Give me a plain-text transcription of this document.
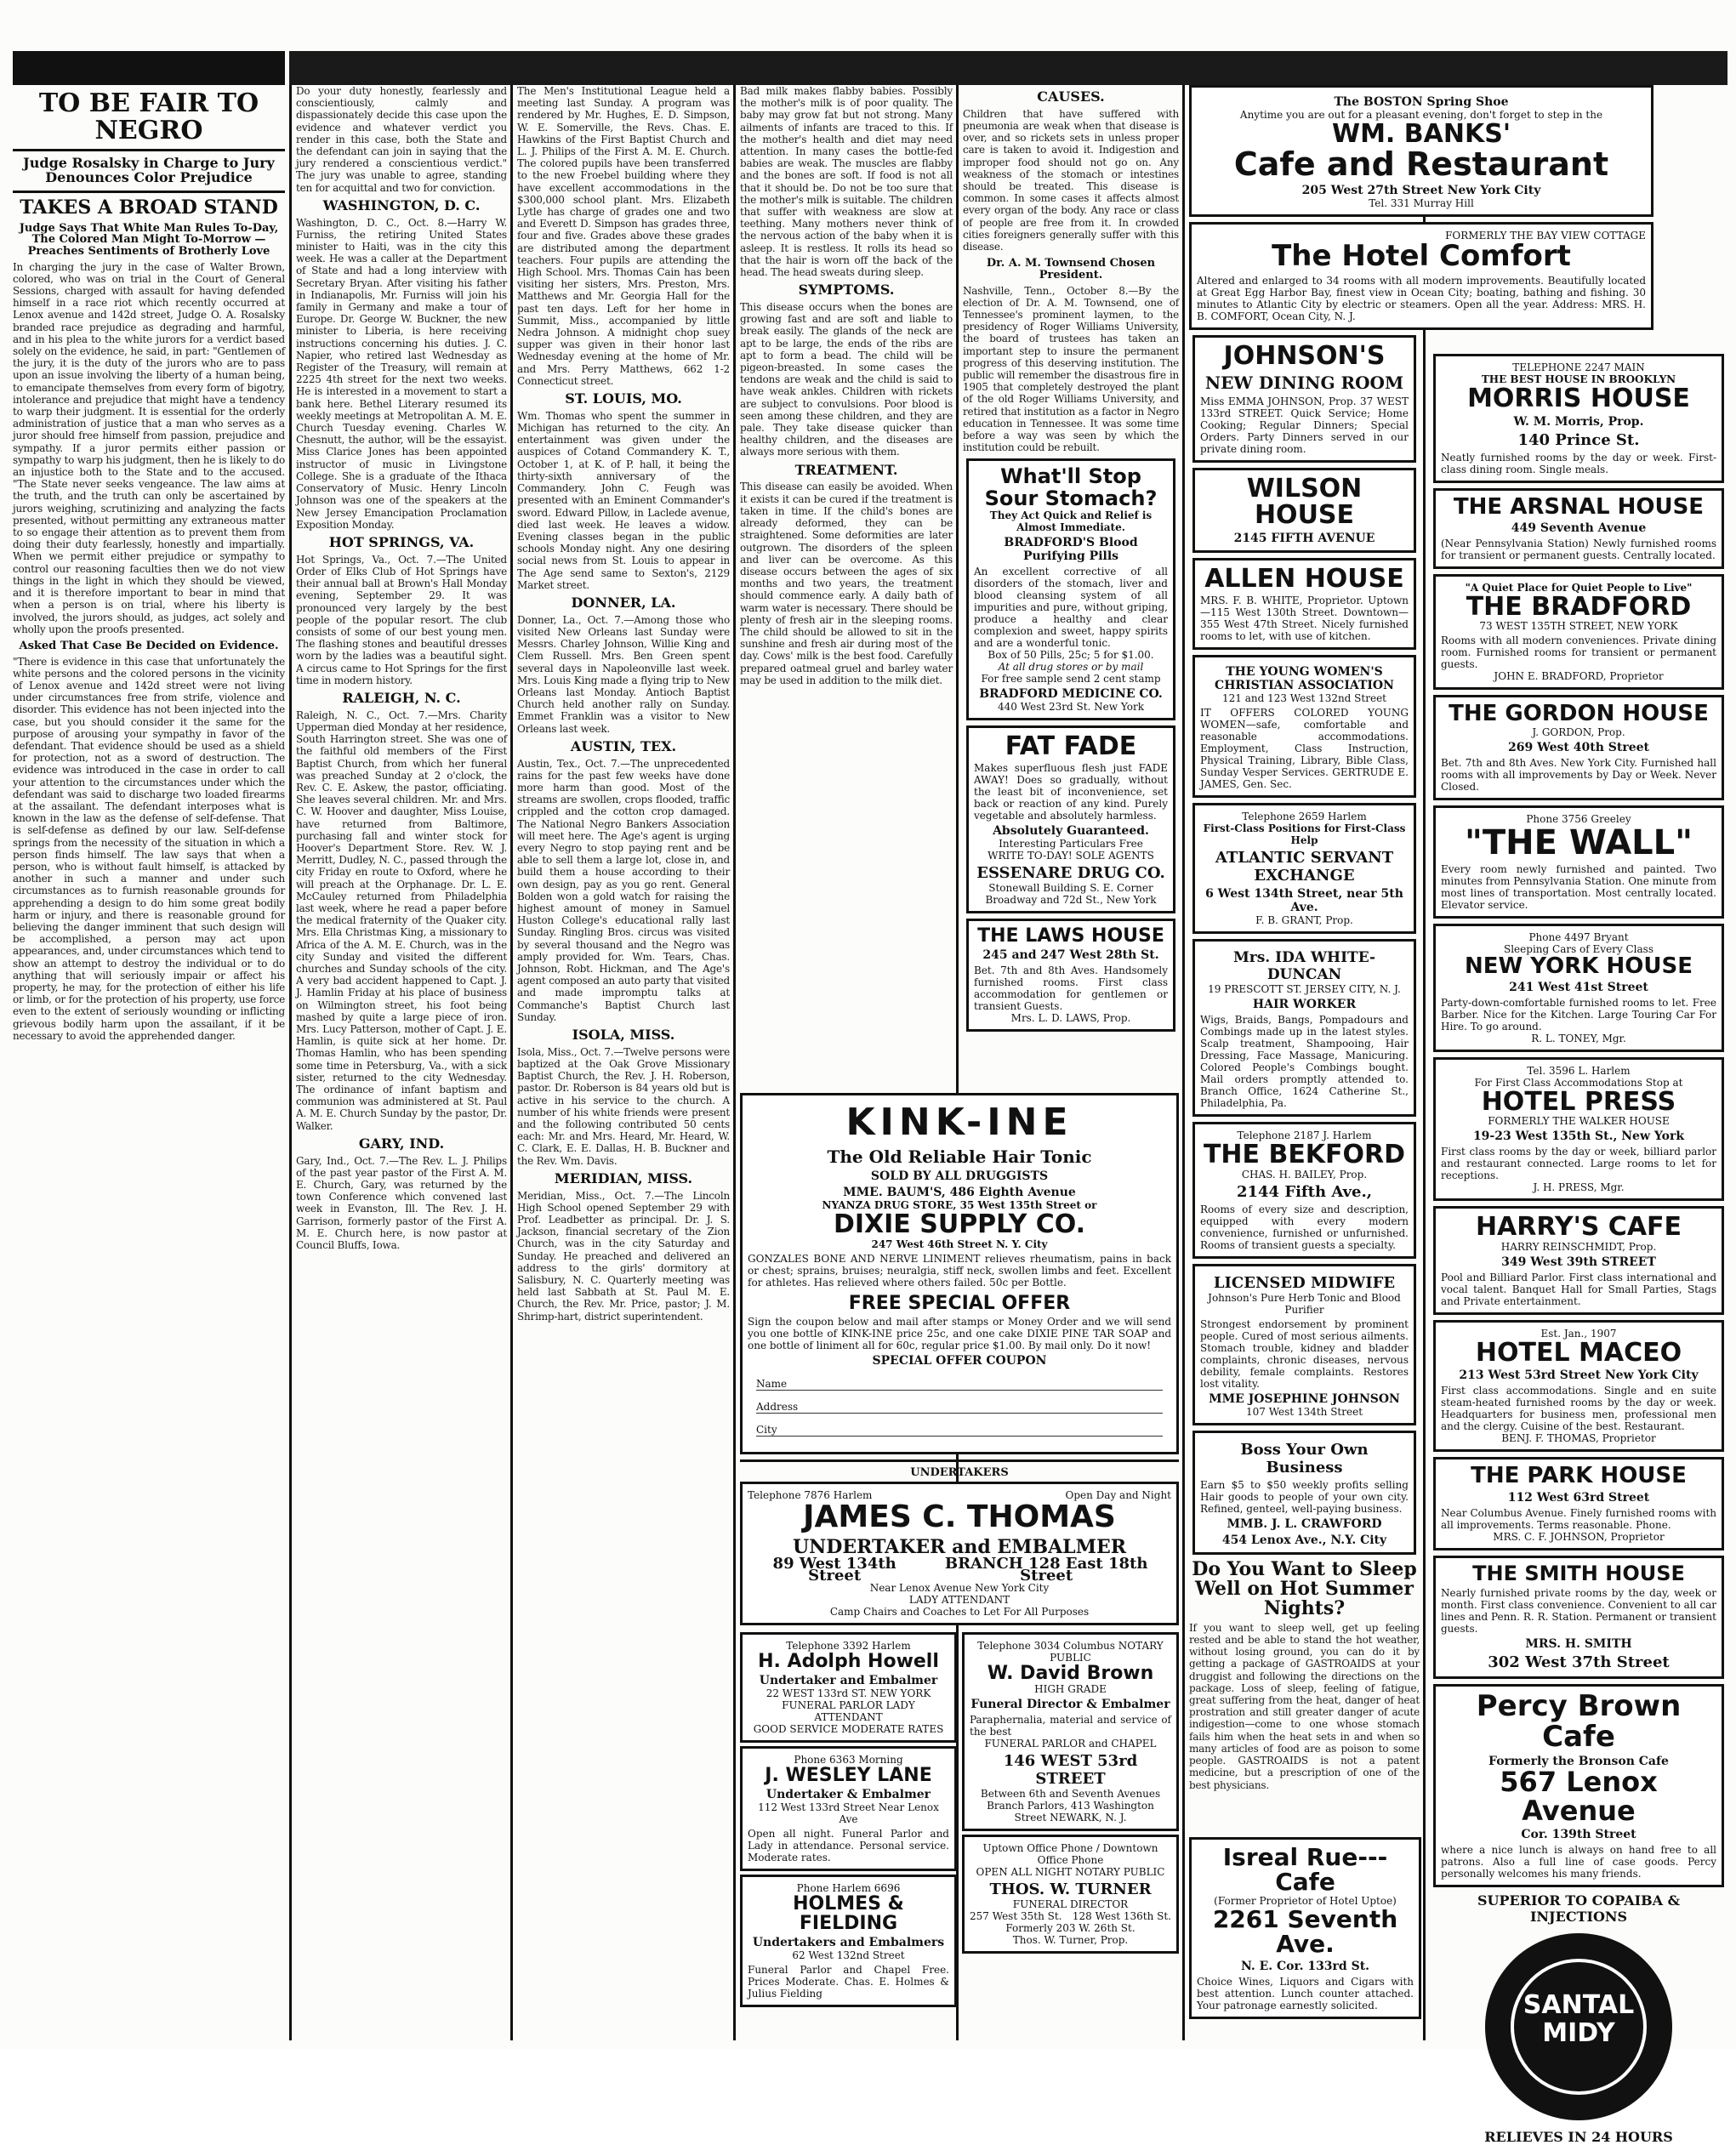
TO BE FAIR TO NEGRO
Judge Rosalsky in Charge to Jury Denounces Color Prejudice
TAKES A BROAD STAND
Judge Says That White Man Rules To-Day, The Colored Man Might To-Morrow — Preaches Sentiments of Brotherly Love
In charging the jury in the case of Walter Brown, colored, who was on trial in the Court of General Sessions, charged with assault for having defended himself in a race riot which recently occurred at Lenox avenue and 142d street, Judge O. A. Rosalsky branded race prejudice as degrading and harmful, and in his plea to the white jurors for a verdict based solely on the evidence, he said, in part: "Gentlemen of the jury, it is the duty of the jurors who are to pass upon an issue involving the liberty of a human being, to emancipate themselves from every form of bigotry, intolerance and prejudice that might have a tendency to warp their judgment. It is essential for the orderly administration of justice that a man who serves as a juror should free himself from passion, prejudice and sympathy. If a juror permits either passion or sympathy to warp his judgment, then he is likely to do an injustice both to the State and to the accused. "The State never seeks vengeance. The law aims at the truth, and the truth can only be ascertained by jurors weighing, scrutinizing and analyzing the facts presented, without permitting any extraneous matter to so engage their attention as to prevent them from doing their duty fearlessly, honestly and impartially. When we permit either prejudice or sympathy to control our reasoning faculties then we do not view things in the light in which they should be viewed, and it is therefore important to bear in mind that when a person is on trial, where his liberty is involved, the jurors should, as judges, act solely and wholly upon the proofs presented.
Asked That Case Be Decided on Evidence.
"There is evidence in this case that unfortunately the white persons and the colored persons in the vicinity of Lenox avenue and 142d street were not living under circumstances free from strife, violence and disorder. This evidence has not been injected into the case, but you should consider it the same for the purpose of arousing your sympathy in favor of the defendant. That evidence should be used as a shield for protection, not as a sword of destruction. The evidence was introduced in the case in order to call your attention to the circumstances under which the defendant was said to discharge two loaded firearms at the assailant. The defendant interposes what is known in the law as the defense of self-defense. That is self-defense as defined by our law. Self-defense springs from the necessity of the situation in which a person finds himself. The law says that when a person, who is without fault himself, is attacked by another in such a manner and under such circumstances as to furnish reasonable grounds for apprehending a design to do him some great bodily harm or injury, and there is reasonable ground for believing the danger imminent that such design will be accomplished, a person may act upon appearances, and, under circumstances which tend to show an attempt to destroy the individual or to do anything that will seriously impair or affect his property, he may, for the protection of either his life or limb, or for the protection of his property, use force even to the extent of seriously wounding or inflicting grievous bodily harm upon the assailant, if it be necessary to avoid the apprehended danger.
Do your duty honestly, fearlessly and conscientiously, calmly and dispassionately decide this case upon the evidence and whatever verdict you render in this case, both the State and the defendant can join in saying that the jury rendered a conscientious verdict." The jury was unable to agree, standing ten for acquittal and two for conviction.
WASHINGTON, D. C.
Washington, D. C., Oct. 8.—Harry W. Furniss, the retiring United States minister to Haiti, was in the city this week. He was a caller at the Department of State and had a long interview with Secretary Bryan. After visiting his father in Indianapolis, Mr. Furniss will join his family in Germany and make a tour of Europe. Dr. George W. Buckner, the new minister to Liberia, is here receiving instructions concerning his duties. J. C. Napier, who retired last Wednesday as Register of the Treasury, will remain at 2225 4th street for the next two weeks. He is interested in a movement to start a bank here. Bethel Literary resumed its weekly meetings at Metropolitan A. M. E. Church Tuesday evening. Charles W. Chesnutt, the author, will be the essayist. Miss Clarice Jones has been appointed instructor of music in Livingstone College. She is a graduate of the Ithaca Conservatory of Music. Henry Lincoln Johnson was one of the speakers at the New Jersey Emancipation Proclamation Exposition Monday.
HOT SPRINGS, VA.
Hot Springs, Va., Oct. 7.—The United Order of Elks Club of Hot Springs have their annual ball at Brown's Hall Monday evening, September 29. It was pronounced very largely by the best people of the popular resort. The club consists of some of our best young men. The flashing stones and beautiful dresses worn by the ladies was a beautiful sight. A circus came to Hot Springs for the first time in modern history.
RALEIGH, N. C.
Raleigh, N. C., Oct. 7.—Mrs. Charity Upperman died Monday at her residence, South Harrington street. She was one of the faithful old members of the First Baptist Church, from which her funeral was preached Sunday at 2 o'clock, the Rev. C. E. Askew, the pastor, officiating. She leaves several children. Mr. and Mrs. C. W. Hoover and daughter, Miss Louise, have returned from Baltimore, purchasing fall and winter stock for Hoover's Department Store. Rev. W. J. Merritt, Dudley, N. C., passed through the city Friday en route to Oxford, where he will preach at the Orphanage. Dr. L. E. McCauley returned from Philadelphia last week, where he read a paper before the medical fraternity of the Quaker city. Mrs. Ella Christmas King, a missionary to Africa of the A. M. E. Church, was in the city Sunday and visited the different churches and Sunday schools of the city. A very bad accident happened to Capt. J. J. Hamlin Friday at his place of business on Wilmington street, his foot being mashed by quite a large piece of iron. Mrs. Lucy Patterson, mother of Capt. J. E. Hamlin, is quite sick at her home. Dr. Thomas Hamlin, who has been spending some time in Petersburg, Va., with a sick sister, returned to the city Wednesday. The ordinance of infant baptism and communion was administered at St. Paul A. M. E. Church Sunday by the pastor, Dr. Walker.
GARY, IND.
Gary, Ind., Oct. 7.—The Rev. L. J. Philips of the past year pastor of the First A. M. E. Church, Gary, was returned by the town Conference which convened last week in Evanston, Ill. The Rev. J. H. Garrison, formerly pastor of the First A. M. E. Church here, is now pastor at Council Bluffs, Iowa.
The Men's Institutional League held a meeting last Sunday. A program was rendered by Mr. Hughes, E. D. Simpson, W. E. Somerville, the Revs. Chas. E. Hawkins of the First Baptist Church and L. J. Philips of the First A. M. E. Church. The colored pupils have been transferred to the new Froebel building where they have excellent accommodations in the $300,000 school plant. Mrs. Elizabeth Lytle has charge of grades one and two and Everett D. Simpson has grades three, four and five. Grades above these grades are distributed among the department teachers. Four pupils are attending the High School. Mrs. Thomas Cain has been visiting her sisters, Mrs. Preston, Mrs. Matthews and Mr. Georgia Hall for the past ten days. Left for her home in Summit, Miss., accompanied by little Nedra Johnson. A midnight chop suey supper was given in their honor last Wednesday evening at the home of Mr. and Mrs. Perry Matthews, 662 1-2 Connecticut street.
ST. LOUIS, MO.
Wm. Thomas who spent the summer in Michigan has returned to the city. An entertainment was given under the auspices of Cotand Commandery K. T., October 1, at K. of P. hall, it being the thirty-sixth anniversary of the Commandery. John C. Feugh was presented with an Eminent Commander's sword. Edward Pillow, in Laclede avenue, died last week. He leaves a widow. Evening classes began in the public schools Monday night. Any one desiring social news from St. Louis to appear in The Age send same to Sexton's, 2129 Market street.
DONNER, LA.
Donner, La., Oct. 7.—Among those who visited New Orleans last Sunday were Messrs. Charley Johnson, Willie King and Clem Russell. Mrs. Ben Green spent several days in Napoleonville last week. Mrs. Louis King made a flying trip to New Orleans last Monday. Antioch Baptist Church held another rally on Sunday. Emmet Franklin was a visitor to New Orleans last week.
AUSTIN, TEX.
Austin, Tex., Oct. 7.—The unprecedented rains for the past few weeks have done more harm than good. Most of the streams are swollen, crops flooded, traffic crippled and the cotton crop damaged. The National Negro Bankers Association will meet here. The Age's agent is urging every Negro to stop paying rent and be able to sell them a large lot, close in, and build them a house according to their own design, pay as you go rent. General Bolden won a gold watch for raising the highest amount of money in Samuel Huston College's educational rally last Sunday. Ringling Bros. circus was visited by several thousand and the Negro was amply provided for. Wm. Tears, Chas. Johnson, Robt. Hickman, and The Age's agent composed an auto party that visited and made impromptu talks at Commanche's Baptist Church last Sunday.
ISOLA, MISS.
Isola, Miss., Oct. 7.—Twelve persons were baptized at the Oak Grove Missionary Baptist Church, the Rev. J. H. Roberson, pastor. Dr. Roberson is 84 years old but is active in his service to the church. A number of his white friends were present and the following contributed 50 cents each: Mr. and Mrs. Heard, Mr. Heard, W. C. Clark, E. E. Dallas, H. B. Buckner and the Rev. Wm. Davis.
MERIDIAN, MISS.
Meridian, Miss., Oct. 7.—The Lincoln High School opened September 29 with Prof. Leadbetter as principal. Dr. J. S. Jackson, financial secretary of the Zion Church, was in the city Saturday and Sunday. He preached and delivered an address to the girls' dormitory at Salisbury, N. C. Quarterly meeting was held last Sabbath at St. Paul M. E. Church, the Rev. Mr. Price, pastor; J. M. Shrimp-hart, district superintendent.
Bad milk makes flabby babies. Possibly the mother's milk is of poor quality. The baby may grow fat but not strong. Many ailments of infants are traced to this. If the mother's health and diet may need attention. In many cases the bottle-fed babies are weak. The muscles are flabby and the bones are soft. If food is not all that it should be. Do not be too sure that the mother's milk is suitable. The children that suffer with weakness are slow at teething. Many mothers never think of the nervous action of the baby when it is asleep. It is restless. It rolls its head so that the hair is worn off the back of the head. The head sweats during sleep.
SYMPTOMS.
This disease occurs when the bones are growing fast and are soft and liable to break easily. The glands of the neck are apt to be large, the ends of the ribs are apt to form a bead. The child will be pigeon-breasted. In some cases the tendons are weak and the child is said to have weak ankles. Children with rickets are subject to convulsions. Poor blood is seen among these children, and they are pale. They take disease quicker than healthy children, and the diseases are always more serious with them.
TREATMENT.
This disease can easily be avoided. When it exists it can be cured if the treatment is taken in time. If the child's bones are already deformed, they can be straightened. Some deformities are later outgrown. The disorders of the spleen and liver can be overcome. As this disease occurs between the ages of six months and two years, the treatment should commence early. A daily bath of warm water is necessary. There should be plenty of fresh air in the sleeping rooms. The child should be allowed to sit in the sunshine and fresh air during most of the day. Cows' milk is the best food. Carefully prepared oatmeal gruel and barley water may be used in addition to the milk diet.
CAUSES.
Children that have suffered with pneumonia are weak when that disease is over, and so rickets sets in unless proper care is taken to avoid it. Indigestion and improper food should not go on. Any weakness of the stomach or intestines should be treated. This disease is common. In some cases it affects almost every organ of the body. Any race or class of people are free from it. In crowded cities foreigners generally suffer with this disease.
Dr. A. M. Townsend Chosen President.
Nashville, Tenn., October 8.—By the election of Dr. A. M. Townsend, one of Tennessee's prominent laymen, to the presidency of Roger Williams University, the board of trustees has taken an important step to insure the permanent progress of this deserving institution. The public will remember the disastrous fire in 1905 that completely destroyed the plant of the old Roger Williams University, and retired that institution as a factor in Negro education in Tennessee. It was some time before a way was seen by which the institution could be rebuilt.
What'll Stop Sour Stomach?
They Act Quick and Relief is Almost Immediate.
BRADFORD'S Blood Purifying Pills
An excellent corrective of all disorders of the stomach, liver and blood cleansing system of all impurities and pure, without griping, produce a healthy and clear complexion and sweet, happy spirits and are a wonderful tonic.
Box of 50 Pills, 25c; 5 for $1.00.
At all drug stores or by mail
For free sample send 2 cent stamp
BRADFORD MEDICINE CO.
440 West 23rd St. New York
FAT FADE
Makes superfluous flesh just FADE AWAY! Does so gradually, without the least bit of inconvenience, set back or reaction of any kind. Purely vegetable and absolutely harmless.
Absolutely Guaranteed.
Interesting Particulars Free
WRITE TO-DAY! SOLE AGENTS
ESSENARE DRUG CO.
Stonewall Building S. E. Corner Broadway and 72d St., New York
THE LAWS HOUSE
245 and 247 West 28th St.
Bet. 7th and 8th Aves. Handsomely furnished rooms. First class accommodation for gentlemen or transient Guests.
Mrs. L. D. LAWS, Prop.
KINK-INE
The Old Reliable Hair Tonic
SOLD BY ALL DRUGGISTS
MME. BAUM'S, 486 Eighth Avenue
NYANZA DRUG STORE, 35 West 135th Street or
DIXIE SUPPLY CO.
247 West 46th Street N. Y. City
GONZALES BONE AND NERVE LINIMENT relieves rheumatism, pains in back or chest; sprains, bruises; neuralgia, stiff neck, swollen limbs and feet. Excellent for athletes. Has relieved where others failed. 50c per Bottle.
FREE SPECIAL OFFER
Sign the coupon below and mail after stamps or Money Order and we will send you one bottle of KINK-INE price 25c, and one cake DIXIE PINE TAR SOAP and one bottle of liniment all for 60c, regular price $1.00. By mail only. Do it now!
SPECIAL OFFER COUPON
Name
Address
City
UNDERTAKERS
Telephone 7876 Harlem	Open Day and Night
JAMES C. THOMAS
UNDERTAKER and EMBALMER
89 West 134th Street
BRANCH 128 East 18th Street
Near Lenox Avenue New York City
LADY ATTENDANT
Camp Chairs and Coaches to Let For All Purposes
Telephone 3392 Harlem
H. Adolph Howell
Undertaker and Embalmer
22 WEST 133rd ST. NEW YORK
FUNERAL PARLOR LADY ATTENDANT
GOOD SERVICE MODERATE RATES
Phone 6363 Morning
J. WESLEY LANE
Undertaker & Embalmer
112 West 133rd Street Near Lenox Ave
Open all night. Funeral Parlor and Lady in attendance. Personal service. Moderate rates.
Phone Harlem 6696
HOLMES & FIELDING
Undertakers and Embalmers
62 West 132nd Street
Funeral Parlor and Chapel Free. Prices Moderate. Chas. E. Holmes & Julius Fielding
Telephone 3034 Columbus NOTARY PUBLIC
W. David Brown
HIGH GRADE
Funeral Director & Embalmer
Paraphernalia, material and service of the best
FUNERAL PARLOR and CHAPEL
146 WEST 53rd STREET
Between 6th and Seventh Avenues
Branch Parlors, 413 Washington Street NEWARK, N. J.
Uptown Office Phone / Downtown Office Phone
OPEN ALL NIGHT NOTARY PUBLIC
THOS. W. TURNER
FUNERAL DIRECTOR
257 West 35th St. 128 West 136th St.
Formerly 203 W. 26th St.
Thos. W. Turner, Prop.
The BOSTON Spring Shoe
Anytime you are out for a pleasant evening, don't forget to step in the
WM. BANKS'
Cafe and Restaurant
205 West 27th Street New York City
Tel. 331 Murray Hill
FORMERLY THE BAY VIEW COTTAGE
The Hotel Comfort
Altered and enlarged to 34 rooms with all modern improvements. Beautifully located at Great Egg Harbor Bay, finest view in Ocean City; boating, bathing and fishing. 30 minutes to Atlantic City by electric or steamers. Open all the year. Address: MRS. H. B. COMFORT, Ocean City, N. J.
JOHNSON'S
NEW DINING ROOM
Miss EMMA JOHNSON, Prop. 37 WEST 133rd STREET. Quick Service; Home Cooking; Regular Dinners; Special Orders. Party Dinners served in our private dining room.
WILSON HOUSE
2145 FIFTH AVENUE
ALLEN HOUSE
MRS. F. B. WHITE, Proprietor. Uptown—115 West 130th Street. Downtown—355 West 47th Street. Nicely furnished rooms to let, with use of kitchen.
THE YOUNG WOMEN'S CHRISTIAN ASSOCIATION
121 and 123 West 132nd Street
IT OFFERS COLORED YOUNG WOMEN—safe, comfortable and reasonable accommodations. Employment, Class Instruction, Physical Training, Library, Bible Class, Sunday Vesper Services. GERTRUDE E. JAMES, Gen. Sec.
Telephone 2659 Harlem
First-Class Positions for First-Class Help
ATLANTIC SERVANT EXCHANGE
6 West 134th Street, near 5th Ave.
F. B. GRANT, Prop.
Mrs. IDA WHITE-DUNCAN
19 PRESCOTT ST. JERSEY CITY, N. J.
HAIR WORKER
Wigs, Braids, Bangs, Pompadours and Combings made up in the latest styles. Scalp treatment, Shampooing, Hair Dressing, Face Massage, Manicuring. Colored People's Combings bought. Mail orders promptly attended to. Branch Office, 1624 Catherine St., Philadelphia, Pa.
Telephone 2187 J. Harlem
THE BEKFORD
CHAS. H. BAILEY, Prop.
2144 Fifth Ave.,
Rooms of every size and description, equipped with every modern convenience, furnished or unfurnished. Rooms of transient guests a specialty.
LICENSED MIDWIFE
Johnson's Pure Herb Tonic and Blood Purifier
Strongest endorsement by prominent people. Cured of most serious ailments. Stomach trouble, kidney and bladder complaints, chronic diseases, nervous debility, female complaints. Restores lost vitality.
MME JOSEPHINE JOHNSON
107 West 134th Street
Boss Your Own Business
Earn $5 to $50 weekly profits selling Hair goods to people of your own city. Refined, genteel, well-paying business.
MMB. J. L. CRAWFORD
454 Lenox Ave., N.Y. City
Do You Want to Sleep Well on Hot Summer Nights?
If you want to sleep well, get up feeling rested and be able to stand the hot weather, without losing ground, you can do it by getting a package of GASTROAIDS at your druggist and following the directions on the package. Loss of sleep, feeling of fatigue, great suffering from the heat, danger of heat prostration and still greater danger of acute indigestion—come to one whose stomach fails him when the heat sets in and when so many articles of food are as poison to some people. GASTROAIDS is not a patent medicine, but a prescription of one of the best physicians.
TELEPHONE 2247 MAIN
THE BEST HOUSE IN BROOKLYN
MORRIS HOUSE
W. M. Morris, Prop.
140 Prince St.
Neatly furnished rooms by the day or week. First-class dining room. Single meals.
THE ARSNAL HOUSE
449 Seventh Avenue
(Near Pennsylvania Station) Newly furnished rooms for transient or permanent guests. Centrally located.
"A Quiet Place for Quiet People to Live"
THE BRADFORD
73 WEST 135TH STREET, NEW YORK
Rooms with all modern conveniences. Private dining room. Furnished rooms for transient or permanent guests.
JOHN E. BRADFORD, Proprietor
THE GORDON HOUSE
J. GORDON, Prop.
269 West 40th Street
Bet. 7th and 8th Aves. New York City. Furnished hall rooms with all improvements by Day or Week. Never Closed.
Phone 3756 Greeley
"THE WALL"
Every room newly furnished and painted. Two minutes from Pennsylvania Station. One minute from most lines of transportation. Most centrally located. Elevator service.
Phone 4497 Bryant
Sleeping Cars of Every Class
NEW YORK HOUSE
241 West 41st Street
Party-down-comfortable furnished rooms to let. Free Barber. Nice for the Kitchen. Large Touring Car For Hire. To go around.
R. L. TONEY, Mgr.
Tel. 3596 L. Harlem
For First Class Accommodations Stop at
HOTEL PRESS
FORMERLY THE WALKER HOUSE
19-23 West 135th St., New York
First class rooms by the day or week, billiard parlor and restaurant connected. Large rooms to let for receptions.
J. H. PRESS, Mgr.
HARRY'S CAFE
HARRY REINSCHMIDT, Prop.
349 West 39th STREET
Pool and Billiard Parlor. First class international and vocal talent. Banquet Hall for Small Parties, Stags and Private entertainment.
Est. Jan., 1907
HOTEL MACEO
213 West 53rd Street New York City
First class accommodations. Single and en suite steam-heated furnished rooms by the day or week. Headquarters for business men, professional men and the clergy. Cuisine of the best. Restaurant.
BENJ. F. THOMAS, Proprietor
THE PARK HOUSE
112 West 63rd Street
Near Columbus Avenue. Finely furnished rooms with all improvements. Terms reasonable. Phone.
MRS. C. F. JOHNSON, Proprietor
THE SMITH HOUSE
Nearly furnished private rooms by the day, week or month. First class convenience. Convenient to all car lines and Penn. R. R. Station. Permanent or transient guests.
MRS. H. SMITH
302 West 37th Street
Percy Brown Cafe
Formerly the Bronson Cafe
567 Lenox Avenue
Cor. 139th Street
where a nice lunch is always on hand free to all patrons. Also a full line of case goods. Percy personally welcomes his many friends.
SUPERIOR TO COPAIBA & INJECTIONS
SANTAL
MIDY
RELIEVES IN 24 HOURS
Isreal Rue---Cafe
(Former Proprietor of Hotel Uptoe)
2261 Seventh Ave.
N. E. Cor. 133rd St.
Choice Wines, Liquors and Cigars with best attention. Lunch counter attached. Your patronage earnestly solicited.
